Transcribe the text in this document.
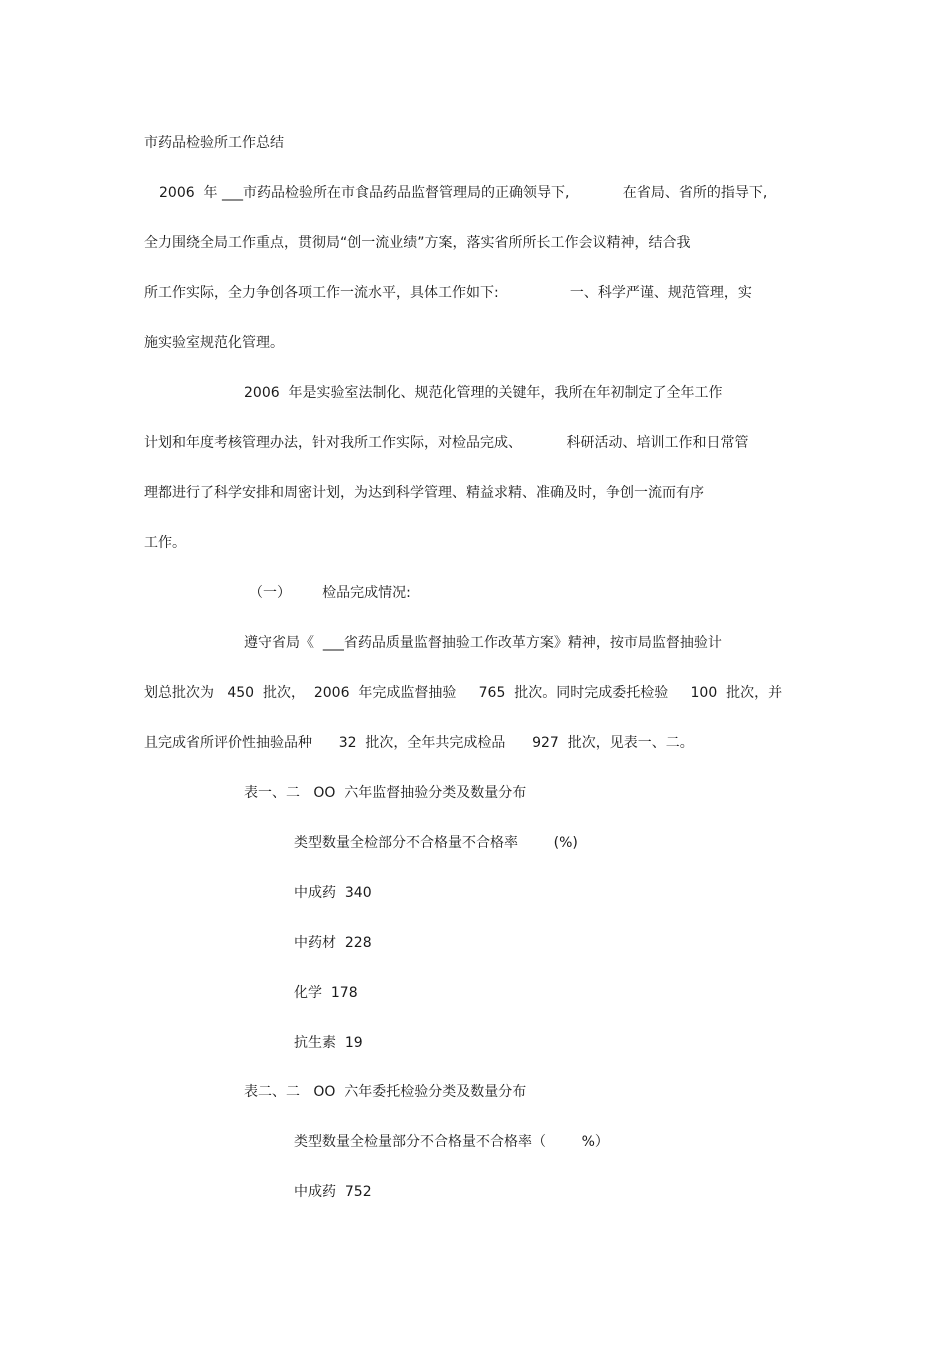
市药品检验所工作总结
2006  年 ___市药品检验所在市食品药品监督管理局的正确领导下,            在省局、省所的指导下,
全力围绕全局工作重点，贯彻局“创一流业绩”方案，落实省所所长工作会议精神，结合我
所工作实际，全力争创各项工作一流水平，具体工作如下:                一、科学严谨、规范管理，实
施实验室规范化管理。
2006  年是实验室法制化、规范化管理的关键年，我所在年初制定了全年工作
计划和年度考核管理办法，针对我所工作实际，对检品完成、          科研活动、培训工作和日常管
理都进行了科学安排和周密计划，为达到科学管理、精益求精、准确及时，争创一流而有序
工作。
（一）       检品完成情况:
遵守省局《  ___省药品质量监督抽验工作改革方案》精神，按市局监督抽验计
划总批次为   450  批次，  2006  年完成监督抽验     765  批次。同时完成委托检验     100  批次，并
且完成省所评价性抽验品种      32  批次，全年共完成检品      927  批次，见表一、二。
表一、二   OO  六年监督抽验分类及数量分布
类型数量全检部分不合格量不合格率        (%)
中成药  340
中药材  228
化学  178
抗生素  19
表二、二   OO  六年委托检验分类及数量分布
类型数量全检量部分不合格量不合格率（        %）
中成药  752
